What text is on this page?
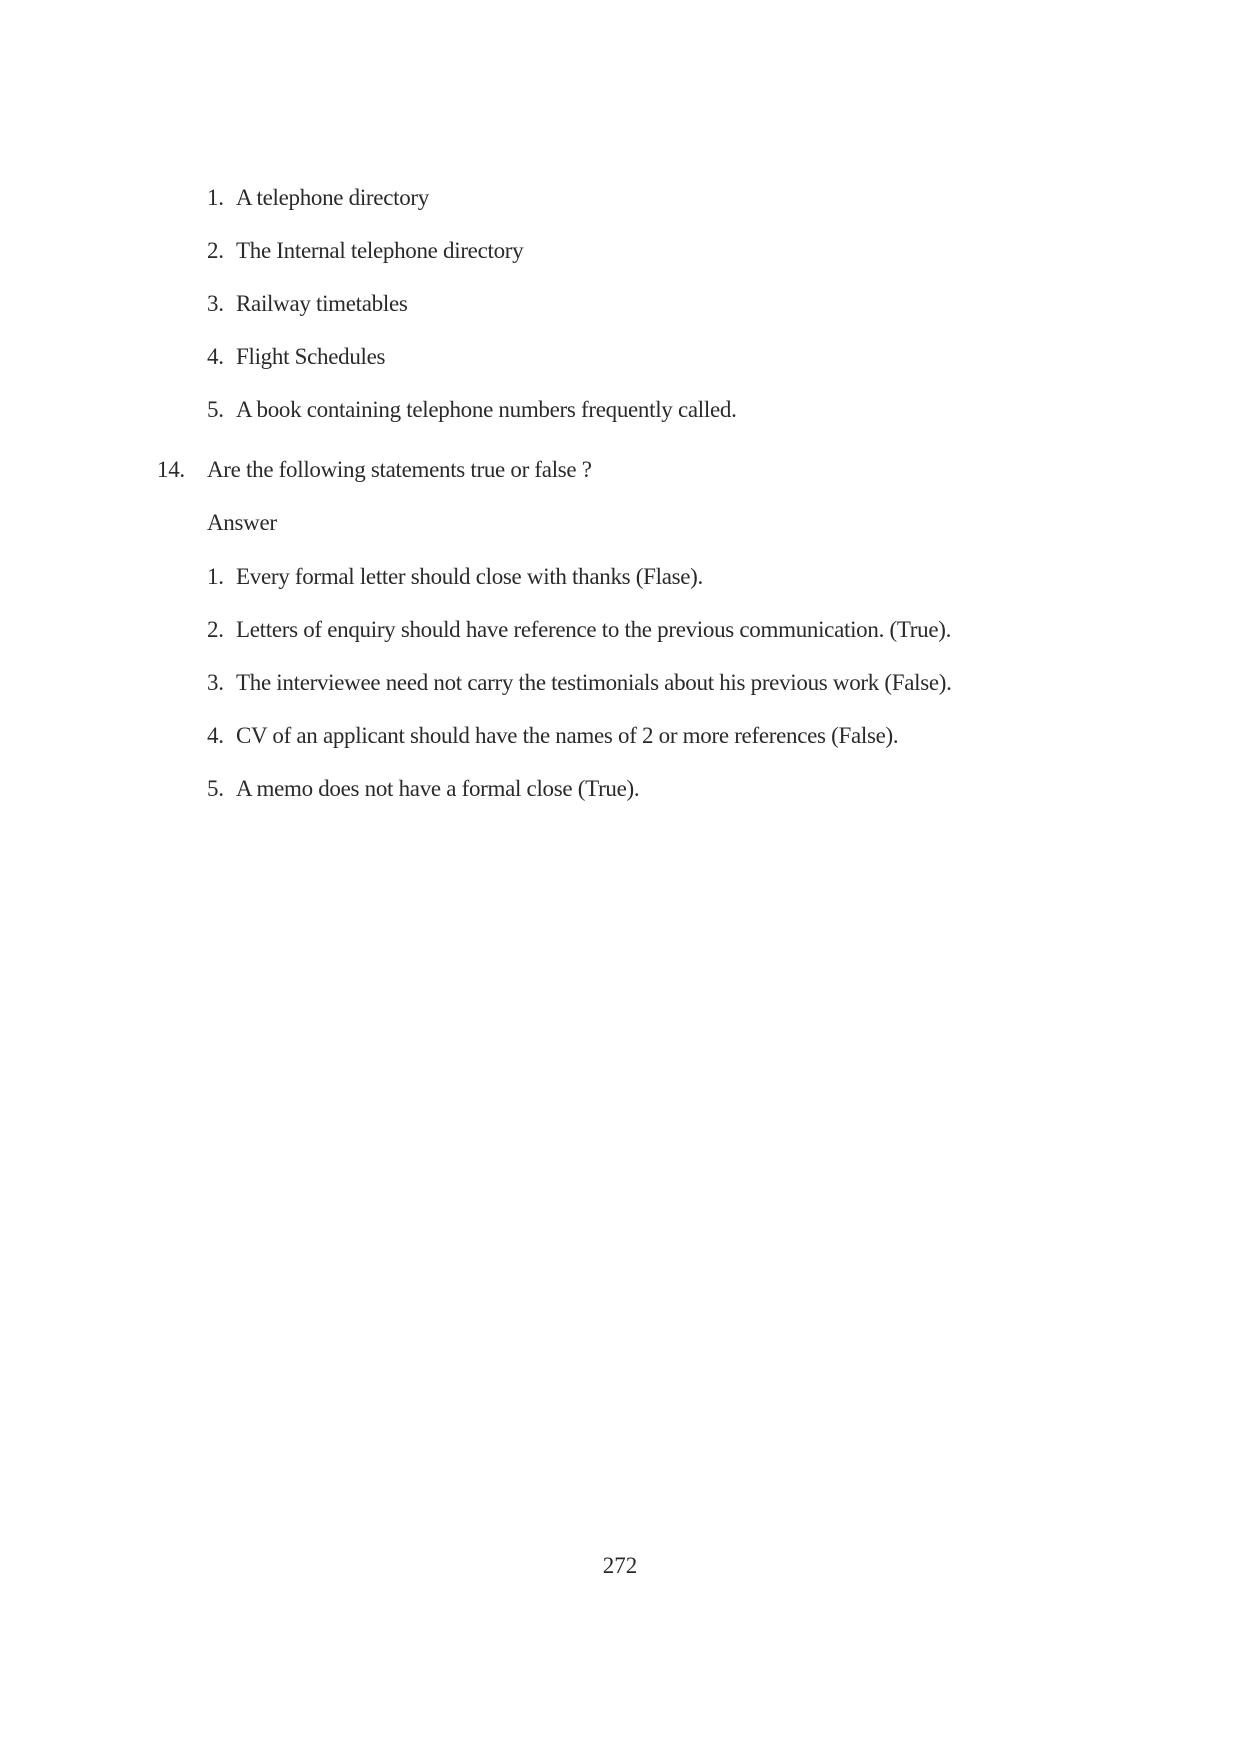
1. A telephone directory
2. The Internal telephone directory
3. Railway timetables
4. Flight Schedules
5. A book containing telephone numbers frequently called.
14. Are the following statements true or false ?
Answer
1. Every formal letter should close with thanks (Flase).
2. Letters of enquiry should have reference to the previous communication. (True).
3. The interviewee need not carry the testimonials about his previous work (False).
4. CV of an applicant should have the names of 2 or more references (False).
5. A memo does not have a formal close (True).
272
